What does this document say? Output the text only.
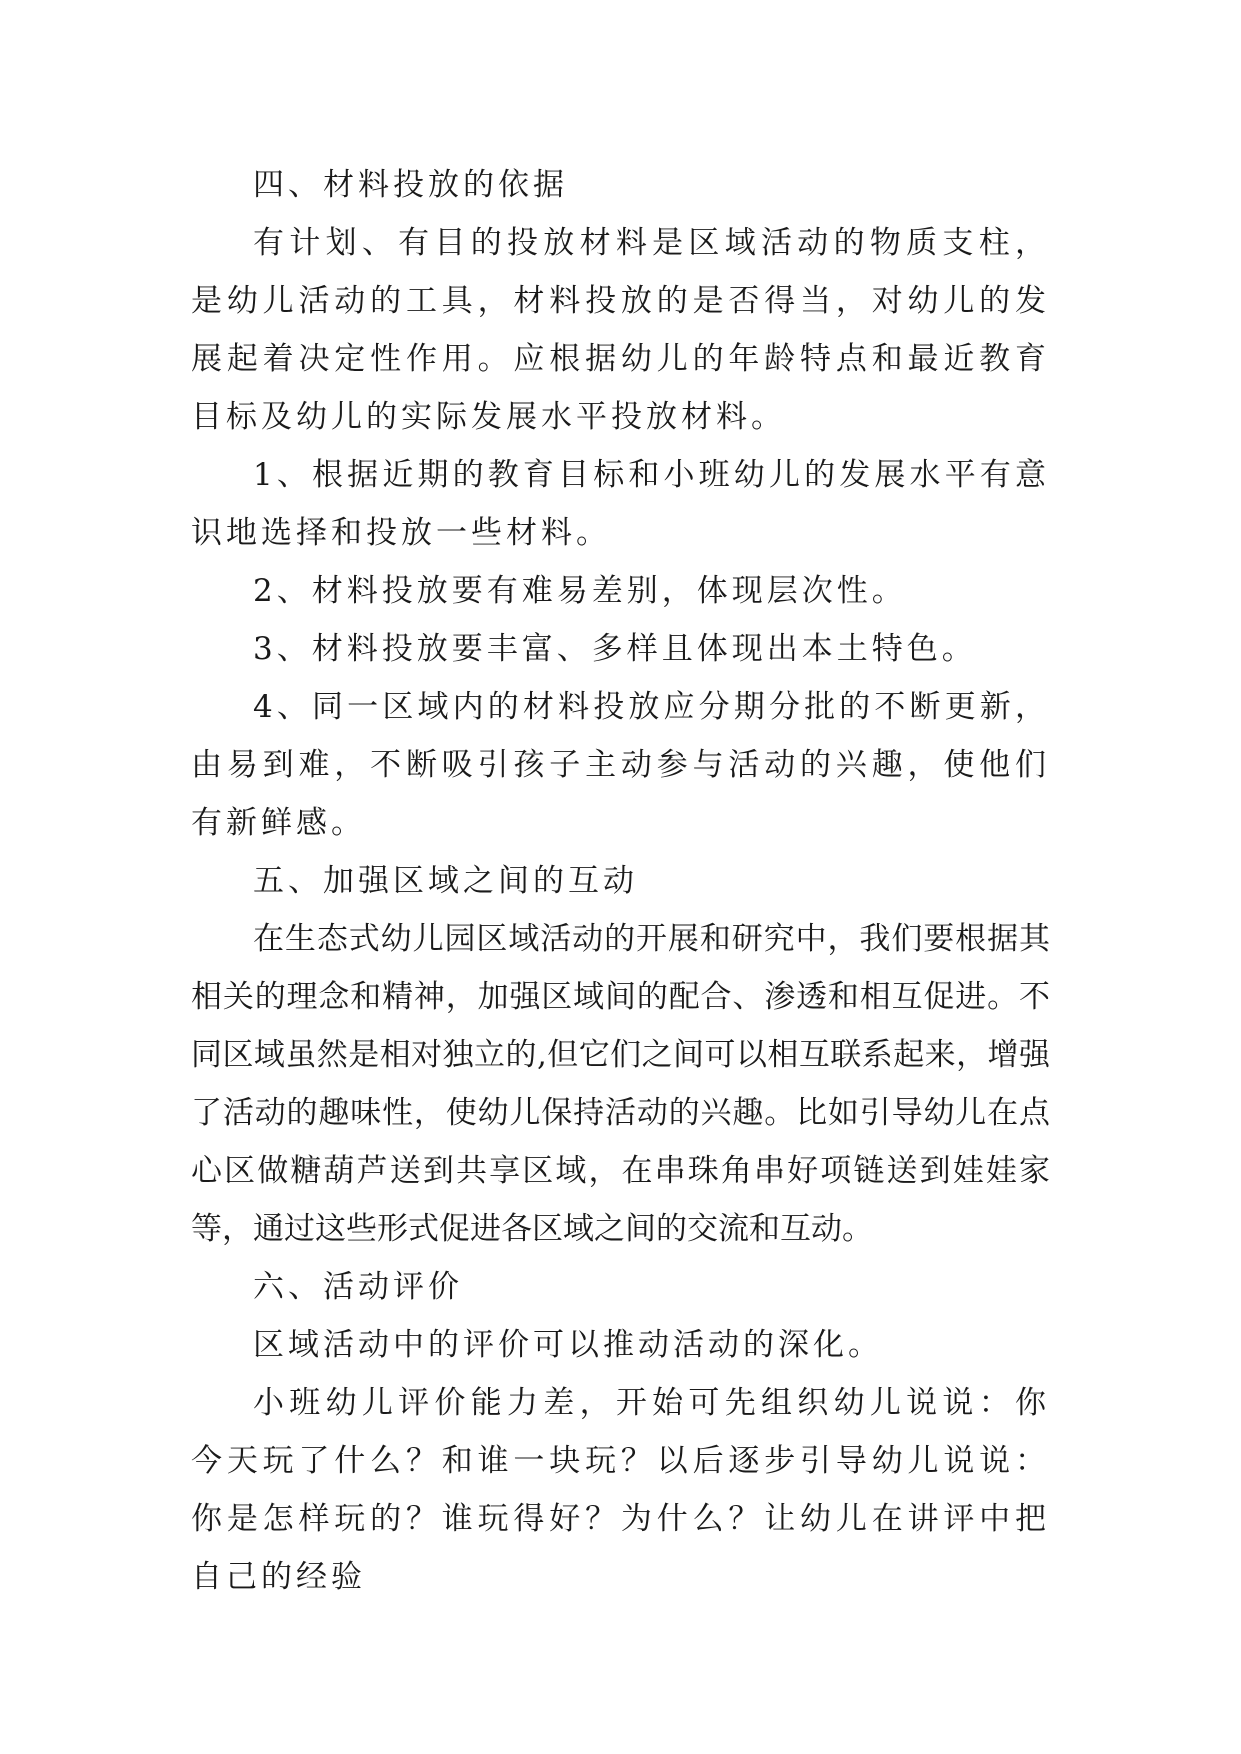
四、材料投放的依据

有计划、有目的投放材料是区域活动的物质支柱，是幼儿活动的工具，材料投放的是否得当，对幼儿的发展起着决定性作用。应根据幼儿的年龄特点和最近教育目标及幼儿的实际发展水平投放材料。

1、根据近期的教育目标和小班幼儿的发展水平有意识地选择和投放一些材料。

2、材料投放要有难易差别，体现层次性。

3、材料投放要丰富、多样且体现出本土特色。

4、同一区域内的材料投放应分期分批的不断更新，由易到难，不断吸引孩子主动参与活动的兴趣，使他们有新鲜感。

五、加强区域之间的互动

在生态式幼儿园区域活动的开展和研究中，我们要根据其相关的理念和精神，加强区域间的配合、渗透和相互促进。不同区域虽然是相对独立的,但它们之间可以相互联系起来，增强了活动的趣味性，使幼儿保持活动的兴趣。比如引导幼儿在点心区做糖葫芦送到共享区域，在串珠角串好项链送到娃娃家等，通过这些形式促进各区域之间的交流和互动。

六、活动评价

区域活动中的评价可以推动活动的深化。

小班幼儿评价能力差，开始可先组织幼儿说说：你今天玩了什么？和谁一块玩？以后逐步引导幼儿说说：你是怎样玩的？谁玩得好？为什么？让幼儿在讲评中把自己的经验
